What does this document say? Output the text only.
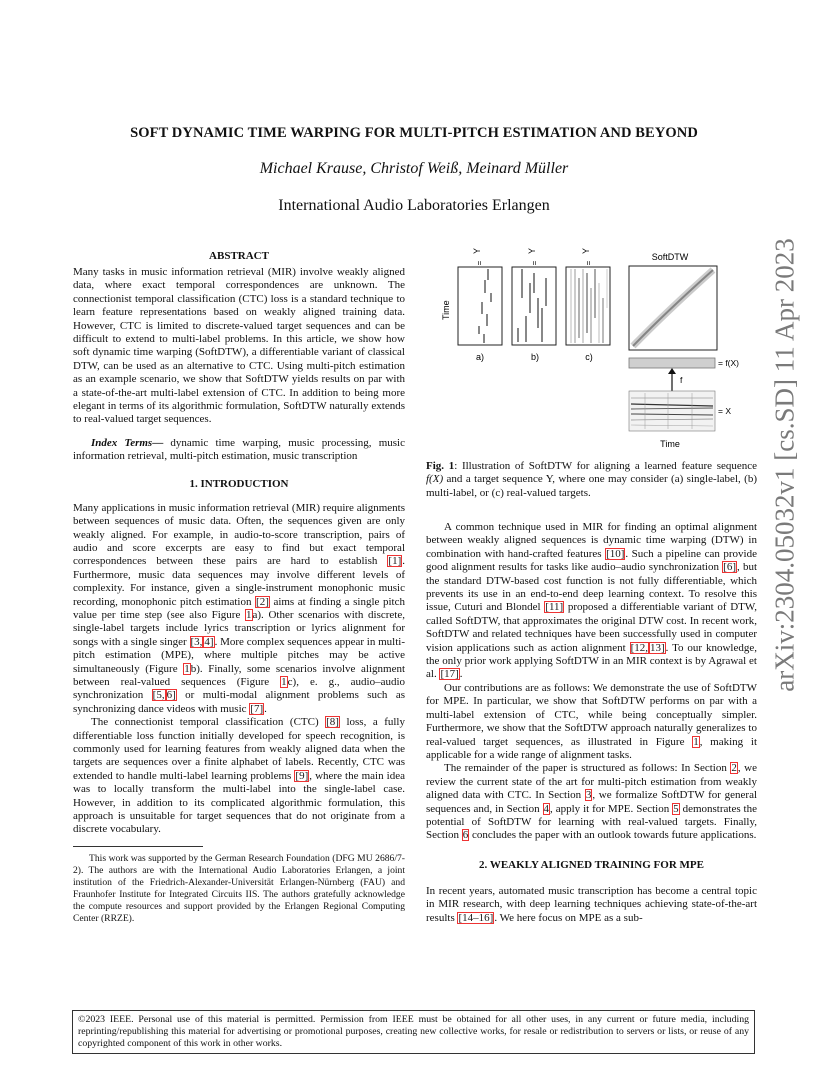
SOFT DYNAMIC TIME WARPING FOR MULTI-PITCH ESTIMATION AND BEYOND
Michael Krause, Christof Weiß, Meinard Müller
International Audio Laboratories Erlangen
arXiv:2304.05032v1 [cs.SD] 11 Apr 2023
ABSTRACT

Many tasks in music information retrieval (MIR) involve weakly aligned data, where exact temporal correspondences are unknown. The connectionist temporal classification (CTC) loss is a standard technique to learn feature representations based on weakly aligned training data. However, CTC is limited to discrete-valued target sequences and can be difficult to extend to multi-label problems. In this article, we show how soft dynamic time warping (SoftDTW), a differentiable variant of classical DTW, can be used as an alternative to CTC. Using multi-pitch estimation as an example scenario, we show that SoftDTW yields results on par with a state-of-the-art multi-label extension of CTC. In addition to being more elegant in terms of its algorithmic formulation, SoftDTW naturally extends to real-valued target sequences.

Index Terms— dynamic time warping, music processing, music information retrieval, multi-pitch estimation, music transcription

1. INTRODUCTION

Many applications in music information retrieval (MIR) require alignments between sequences of music data. Often, the sequences given are only weakly aligned. For example, in audio-to-score transcription, pairs of audio and score excerpts are easy to find but exact temporal correspondences between these pairs are hard to establish [1]. Furthermore, music data sequences may involve different levels of complexity. For instance, given a single-instrument monophonic music recording, monophonic pitch estimation [2] aims at finding a single pitch value per time step (see also Figure 1a). Other scenarios with discrete, single-label targets include lyrics transcription or lyrics alignment for songs with a single singer [3, 4]. More complex sequences appear in multi-pitch estimation (MPE), where multiple pitches may be active simultaneously (Figure 1b). Finally, some scenarios involve alignment between real-valued sequences (Figure 1c), e. g., audio–audio synchronization [5, 6] or multi-modal alignment problems such as synchronizing dance videos with music [7].

The connectionist temporal classification (CTC) [8] loss, a fully differentiable loss function initially developed for speech recognition, is commonly used for learning features from weakly aligned data when the targets are sequences over a finite alphabet of labels. Recently, CTC was extended to handle multi-label learning problems [9], where the main idea was to locally transform the multi-label into the single-label case. However, in addition to its complicated algorithmic formulation, this approach is unsuitable for target sequences that do not originate from a discrete vocabulary.

This work was supported by the German Research Foundation (DFG MU 2686/7-2). The authors are with the International Audio Laboratories Erlangen, a joint institution of the Friedrich-Alexander-Universität Erlangen-Nürnberg (FAU) and Fraunhofer Institute for Integrated Circuits IIS. The authors gratefully acknowledge the compute resources and support provided by the Erlangen Regional Computing Center (RRZE).

Y
=
Y
=
Y
=
Time
a)	b)	c)
SoftDTW
= f(X)
f
= X
Time
Fig. 1: Illustration of SoftDTW for aligning a learned feature sequence f(X) and a target sequence Y, where one may consider (a) single-label, (b) multi-label, or (c) real-valued targets.

A common technique used in MIR for finding an optimal alignment between weakly aligned sequences is dynamic time warping (DTW) in combination with hand-crafted features [10]. Such a pipeline can provide good alignment results for tasks like audio–audio synchronization [6], but the standard DTW-based cost function is not fully differentiable, which prevents its use in an end-to-end deep learning context. To resolve this issue, Cuturi and Blondel [11] proposed a differentiable variant of DTW, called SoftDTW, that approximates the original DTW cost. In recent work, SoftDTW and related techniques have been successfully used in computer vision applications such as action alignment [12, 13]. To our knowledge, the only prior work applying SoftDTW in an MIR context is by Agrawal et al. [17].

Our contributions are as follows: We demonstrate the use of SoftDTW for MPE. In particular, we show that SoftDTW performs on par with a multi-label extension of CTC, while being conceptually simpler. Furthermore, we show that the SoftDTW approach naturally generalizes to real-valued target sequences, as illustrated in Figure 1, making it applicable for a wide range of alignment tasks.

The remainder of the paper is structured as follows: In Section 2, we review the current state of the art for multi-pitch estimation from weakly aligned data with CTC. In Section 3, we formalize SoftDTW for general sequences and, in Section 4, apply it for MPE. Section 5 demonstrates the potential of SoftDTW for learning with real-valued targets. Finally, Section 6 concludes the paper with an outlook towards future applications.

2. WEAKLY ALIGNED TRAINING FOR MPE

In recent years, automated music transcription has become a central topic in MIR research, with deep learning techniques achieving state-of-the-art results [14–16]. We here focus on MPE as a sub-

©2023 IEEE. Personal use of this material is permitted. Permission from IEEE must be obtained for all other uses, in any current or future media, including reprinting/republishing this material for advertising or promotional purposes, creating new collective works, for resale or redistribution to servers or lists, or reuse of any copyrighted component of this work in other works.
